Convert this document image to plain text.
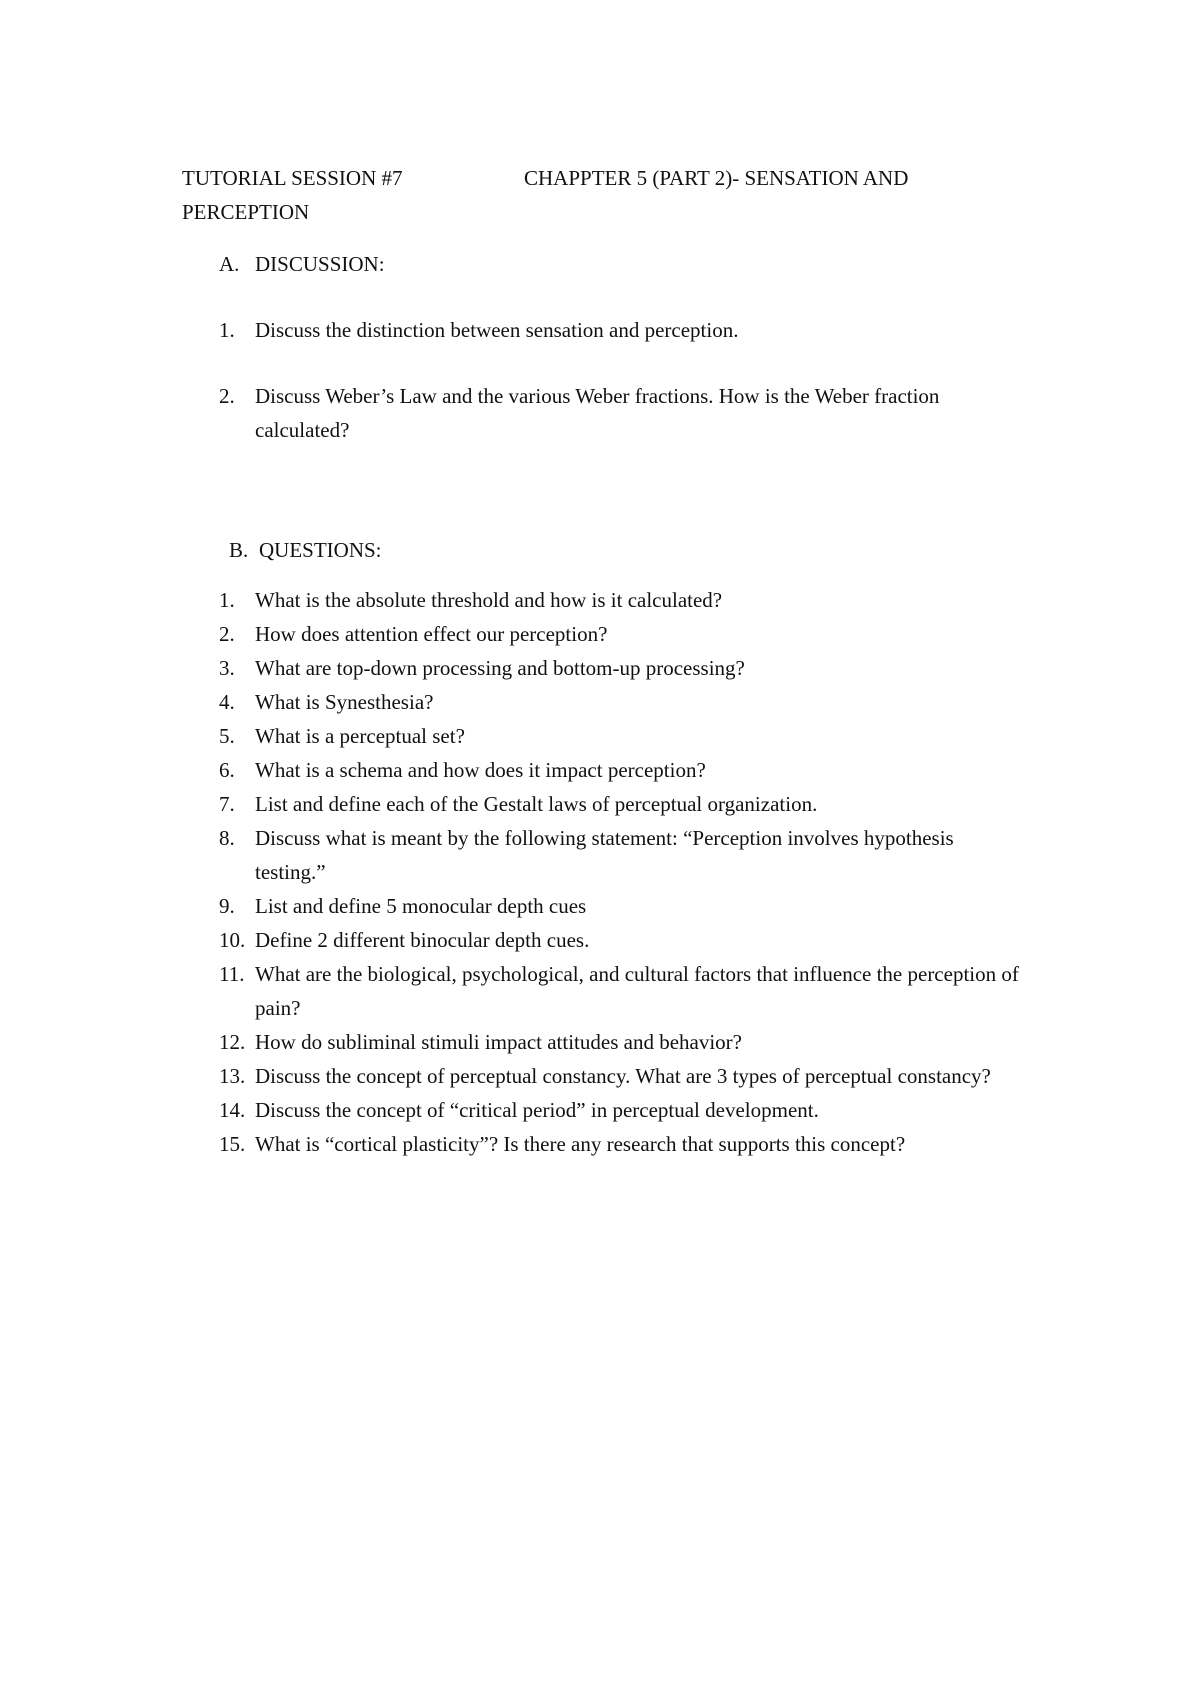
TUTORIAL SESSION #7	CHAPPTER 5 (PART 2)- SENSATION AND PERCEPTION
A. DISCUSSION:
1. Discuss the distinction between sensation and perception.
2. Discuss Weber’s Law and the various Weber fractions. How is the Weber fraction calculated?
B. QUESTIONS:
1. What is the absolute threshold and how is it calculated?
2. How does attention effect our perception?
3. What are top-down processing and bottom-up processing?
4. What is Synesthesia?
5. What is a perceptual set?
6. What is a schema and how does it impact perception?
7. List and define each of the Gestalt laws of perceptual organization.
8. Discuss what is meant by the following statement: “Perception involves hypothesis testing.”
9. List and define 5 monocular depth cues
10. Define 2 different binocular depth cues.
11. What are the biological, psychological, and cultural factors that influence the perception of pain?
12. How do subliminal stimuli impact attitudes and behavior?
13. Discuss the concept of perceptual constancy. What are 3 types of perceptual constancy?
14. Discuss the concept of “critical period” in perceptual development.
15. What is “cortical plasticity”? Is there any research that supports this concept?
